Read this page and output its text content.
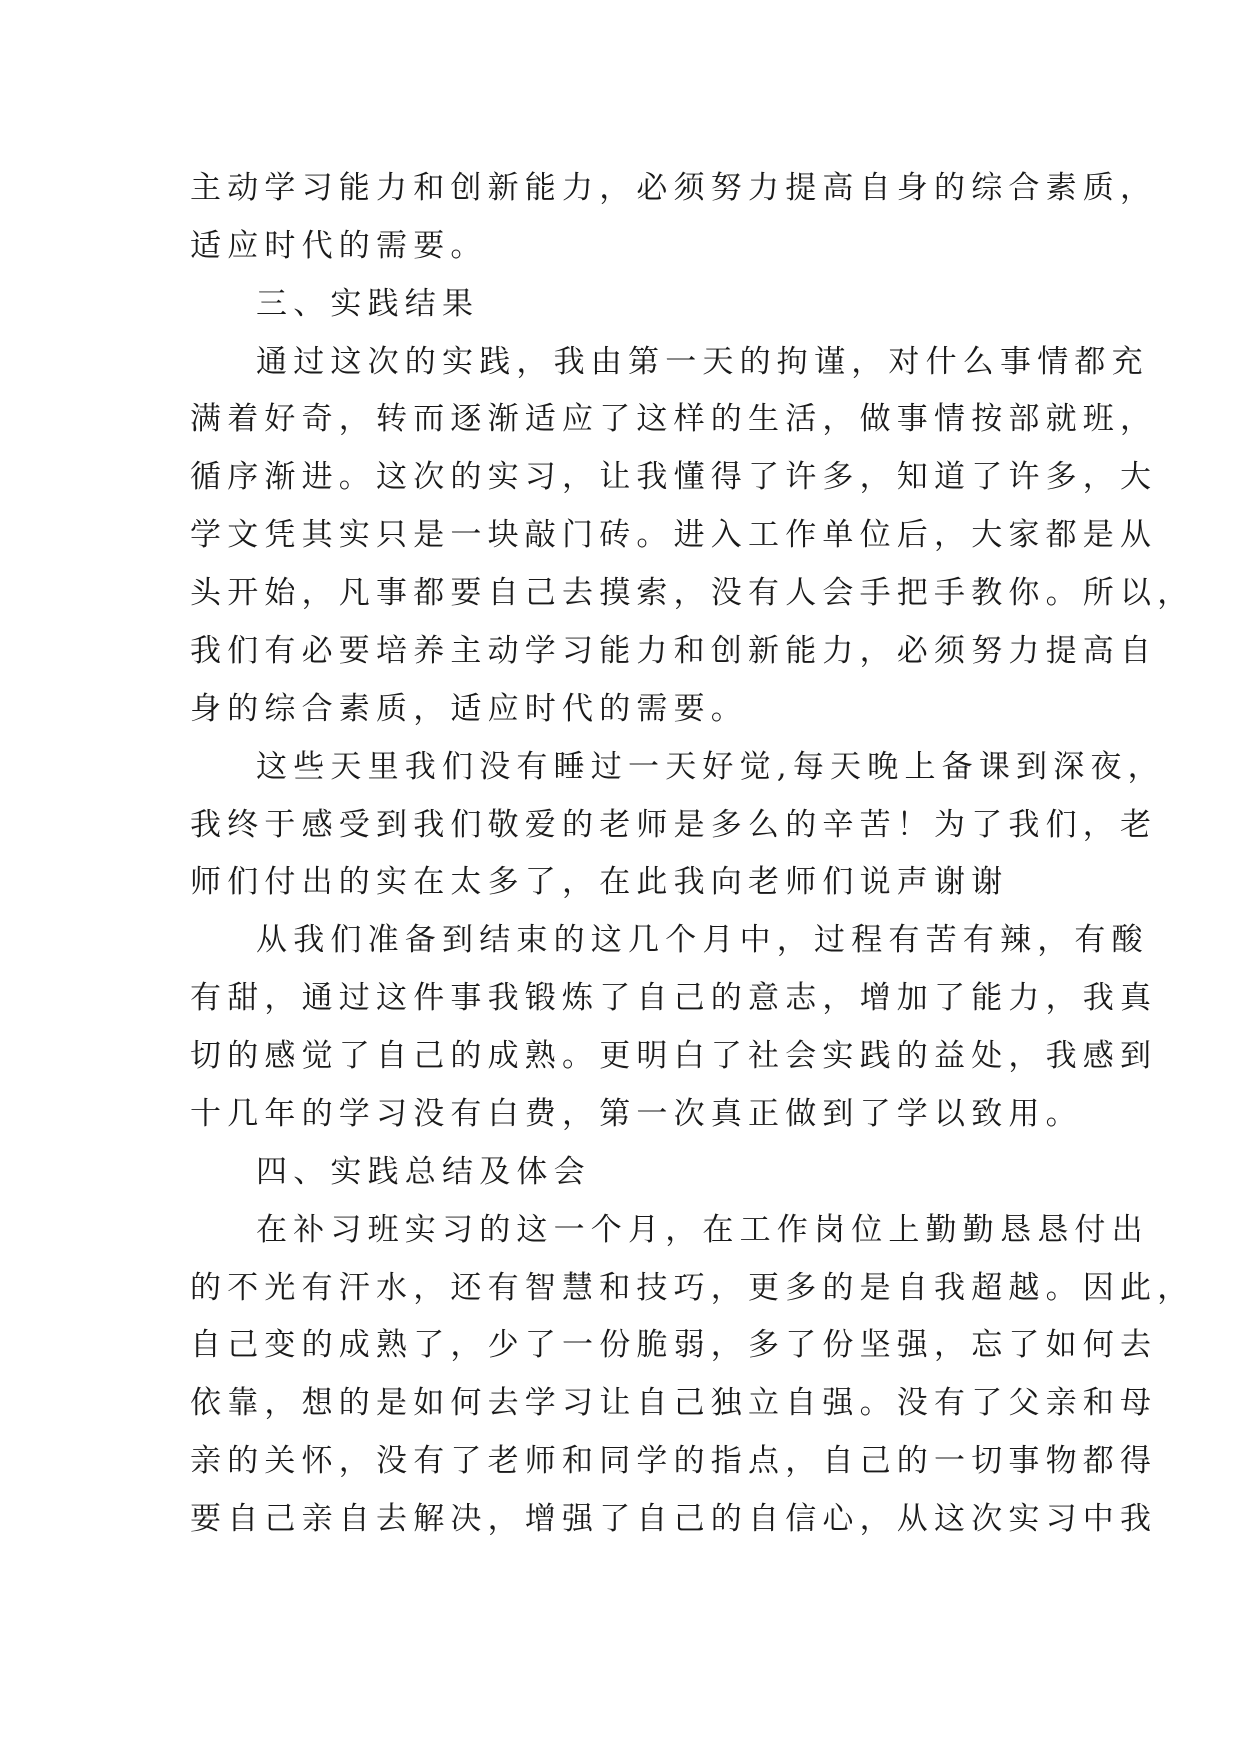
主动学习能力和创新能力，必须努力提高自身的综合素质，
适应时代的需要。
三、实践结果
通过这次的实践，我由第一天的拘谨，对什么事情都充
满着好奇，转而逐渐适应了这样的生活，做事情按部就班，
循序渐进。这次的实习，让我懂得了许多，知道了许多，大
学文凭其实只是一块敲门砖。进入工作单位后，大家都是从
头开始，凡事都要自己去摸索，没有人会手把手教你。所以，
我们有必要培养主动学习能力和创新能力，必须努力提高自
身的综合素质，适应时代的需要。
这些天里我们没有睡过一天好觉,每天晚上备课到深夜，
我终于感受到我们敬爱的老师是多么的辛苦！为了我们，老
师们付出的实在太多了，在此我向老师们说声谢谢
从我们准备到结束的这几个月中，过程有苦有辣，有酸
有甜，通过这件事我锻炼了自己的意志，增加了能力，我真
切的感觉了自己的成熟。更明白了社会实践的益处，我感到
十几年的学习没有白费，第一次真正做到了学以致用。
四、实践总结及体会
在补习班实习的这一个月，在工作岗位上勤勤恳恳付出
的不光有汗水，还有智慧和技巧，更多的是自我超越。因此，
自己变的成熟了，少了一份脆弱，多了份坚强，忘了如何去
依靠，想的是如何去学习让自己独立自强。没有了父亲和母
亲的关怀，没有了老师和同学的指点，自己的一切事物都得
要自己亲自去解决，增强了自己的自信心，从这次实习中我
